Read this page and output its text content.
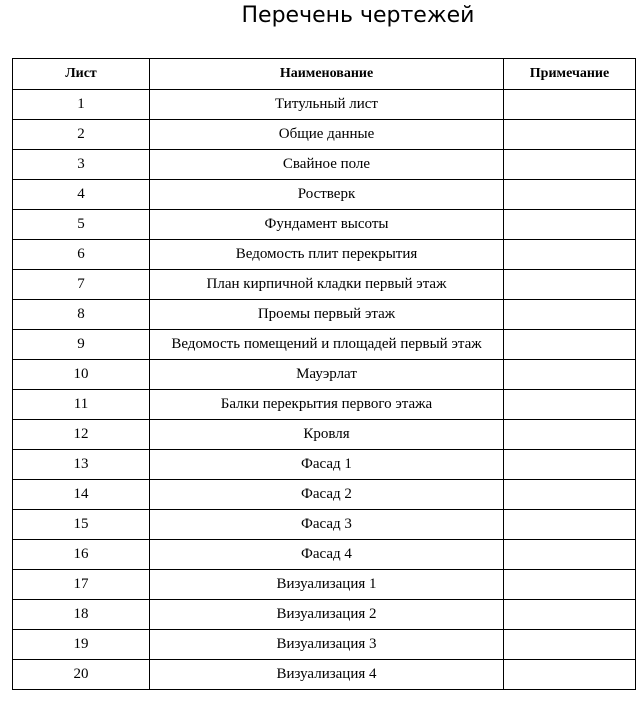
Перечень чертежей
Лист	Наименование	Примечание
1	Титульный лист	
2	Общие данные	
3	Свайное поле	
4	Ростверк	
5	Фундамент высоты	
6	Ведомость плит перекрытия	
7	План кирпичной кладки первый этаж	
8	Проемы первый этаж	
9	Ведомость помещений и площадей первый этаж	
10	Мауэрлат	
11	Балки перекрытия первого этажа	
12	Кровля	
13	Фасад 1	
14	Фасад 2	
15	Фасад 3	
16	Фасад 4	
17	Визуализация 1	
18	Визуализация 2	
19	Визуализация 3	
20	Визуализация 4	
